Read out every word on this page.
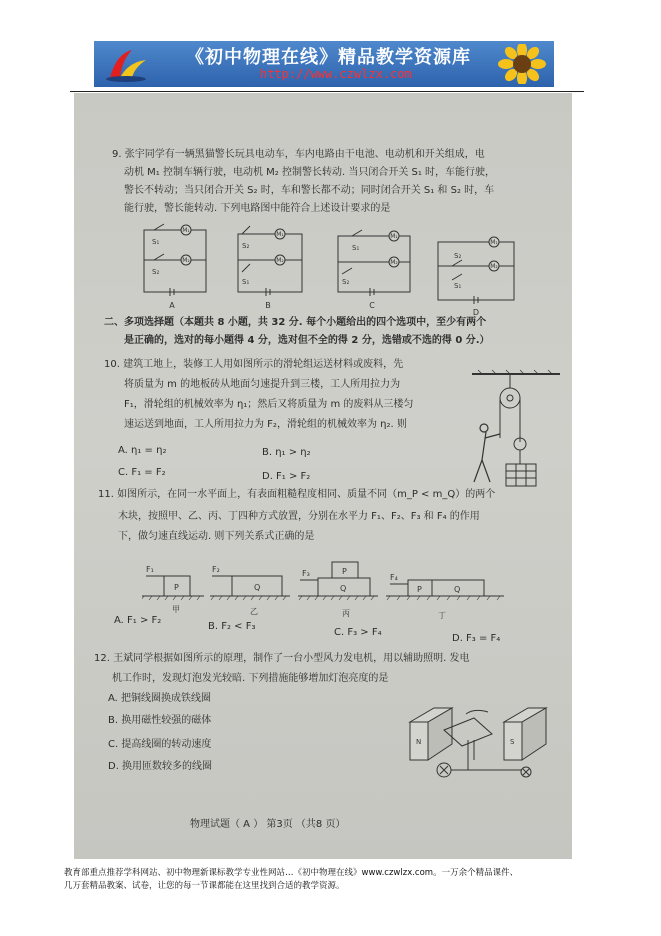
《初中物理在线》精品教学资源库
http://www.czwlzx.com
9. 张宇同学有一辆黑猫警长玩具电动车，车内电路由干电池、电动机和开关组成，电
动机 M₁ 控制车辆行驶，电动机 M₂ 控制警长转动. 当只闭合开关 S₁ 时，车能行驶，
警长不转动；当只闭合开关 S₂ 时，车和警长都不动；同时闭合开关 S₁ 和 S₂ 时，车
能行驶，警长能转动. 下列电路图中能符合上述设计要求的是
M₁
M₂
M₁
M₂
M₁
M₂
M₁
M₂
S₁
S₂
S₂
S₁
S₁
S₂
S₂
S₁
A	B	C
D
二、多项选择题（本题共 8 小题，共 32 分. 每个小题给出的四个选项中，至少有两个
是正确的，选对的每小题得 4 分，选对但不全的得 2 分，选错或不选的得 0 分.）
10. 建筑工地上，装修工人用如图所示的滑轮组运送材料或废料，先
将质量为 m 的地板砖从地面匀速提升到三楼，工人所用拉力为
F₁，滑轮组的机械效率为 η₁；然后又将质量为 m 的废料从三楼匀
速运送到地面，工人所用拉力为 F₂，滑轮组的机械效率为 η₂. 则
A. η₁ = η₂	B. η₁ > η₂
C. F₁ = F₂	D. F₁ > F₂
11. 如图所示，在同一水平面上，有表面粗糙程度相同、质量不同（m_P < m_Q）的两个
木块，按照甲、乙、丙、丁四种方式放置，分别在水平力 F₁、F₂、F₃ 和 F₄ 的作用
下，做匀速直线运动. 则下列关系式正确的是
F₁	F₂	F₃	F₄
P	Q
P
Q	P	Q
甲	乙	丙	丁
A. F₁ > F₂
B. F₂ < F₃
C. F₃ > F₄
D. F₃ = F₄
12. 王斌同学根据如图所示的原理，制作了一台小型风力发电机，用以辅助照明. 发电
机工作时，发现灯泡发光较暗. 下列措施能够增加灯泡亮度的是
A. 把铜线圈换成铁线圈
B. 换用磁性较强的磁体
C. 提高线圈的转动速度
D. 换用匝数较多的线圈
N	S
物理试题（ A ） 第3页 （共8 页）
教育部重点推荐学科网站、初中物理新课标教学专业性网站…《初中物理在线》www.czwlzx.com。一万余个精品课件、
几万套精品教案、试卷，让您的每一节课都能在这里找到合适的教学资源。
